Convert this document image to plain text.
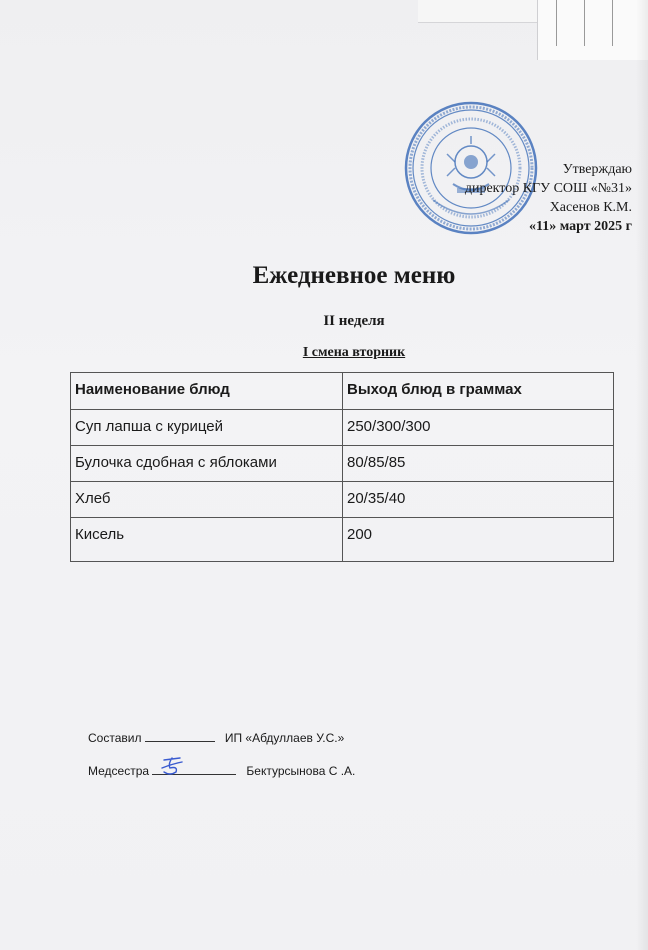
Утверждаю
директор КГУ СОШ «№31»
Хасенов К.М.
«11» март 2025 г
Ежедневное меню
II неделя
I смена вторник
Наименование блюд	Выход блюд в граммах
Суп лапша с курицей	250/300/300
Булочка сдобная с яблоками	80/85/85
Хлеб	20/35/40
Кисель	200
Составил	ИП «Абдуллаев У.С.»
Медсестра	Бектурсынова С .А.
